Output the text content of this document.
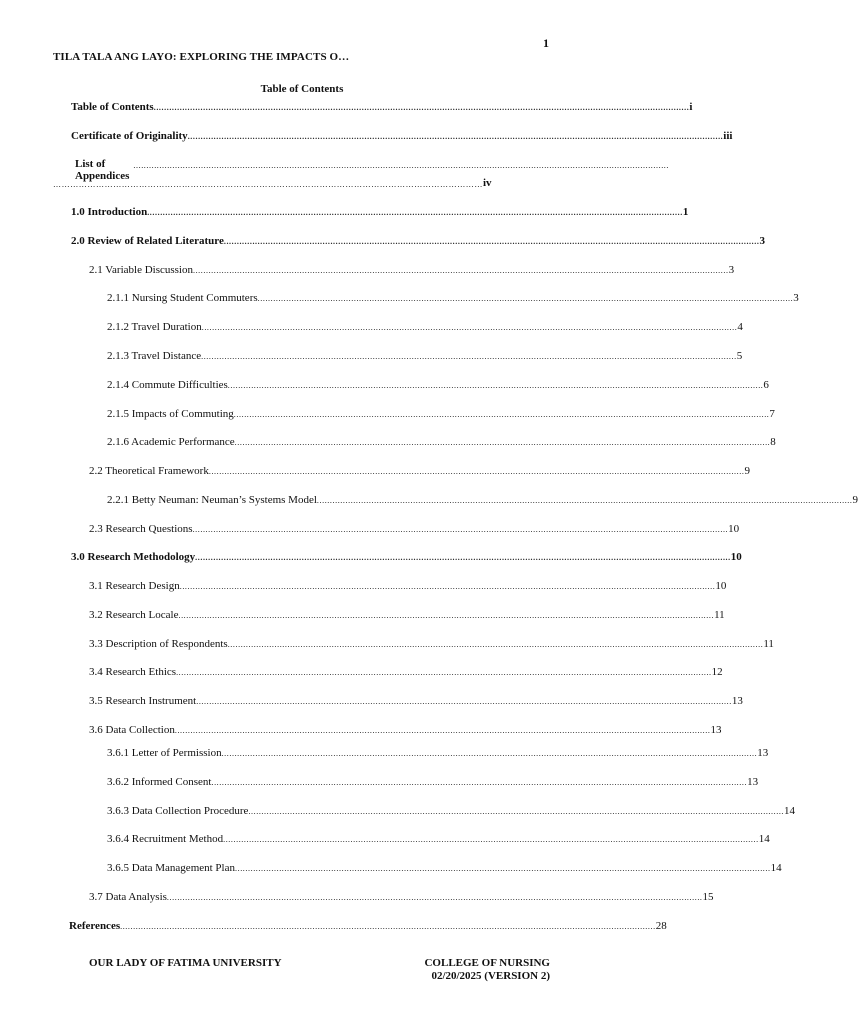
1
TILA TALA ANG LAYO: EXPLORING THE IMPACTS O…
Table of Contents
Table of Contents .............................................................................................................................................................................................................. i
Certificate of Originality .............................................................................................................................................................................................................. iii
List of Appendices
..............................................................................................................................................................................................................
…………………………………………………………………………………………………………………………………… iv
1.0 Introduction .............................................................................................................................................................................................................. 1
2.0 Review of Related Literature .............................................................................................................................................................................................................. 3
2.1 Variable Discussion .............................................................................................................................................................................................................. 3
2.1.1 Nursing Student Commuters .............................................................................................................................................................................................................. 3
2.1.2 Travel Duration .............................................................................................................................................................................................................. 4
2.1.3 Travel Distance .............................................................................................................................................................................................................. 5
2.1.4 Commute Difficulties .............................................................................................................................................................................................................. 6
2.1.5 Impacts of Commuting .............................................................................................................................................................................................................. 7
2.1.6 Academic Performance .............................................................................................................................................................................................................. 8
2.2 Theoretical Framework .............................................................................................................................................................................................................. 9
2.2.1 Betty Neuman: Neuman’s Systems Model .............................................................................................................................................................................................................. 9
2.3 Research Questions .............................................................................................................................................................................................................. 10
3.0 Research Methodology .............................................................................................................................................................................................................. 10
3.1 Research Design .............................................................................................................................................................................................................. 10
3.2 Research Locale .............................................................................................................................................................................................................. 11
3.3 Description of Respondents .............................................................................................................................................................................................................. 11
3.4 Research Ethics .............................................................................................................................................................................................................. 12
3.5 Research Instrument .............................................................................................................................................................................................................. 13
3.6 Data Collection .............................................................................................................................................................................................................. 13
3.6.1 Letter of Permission .............................................................................................................................................................................................................. 13
3.6.2 Informed Consent .............................................................................................................................................................................................................. 13
3.6.3 Data Collection Procedure .............................................................................................................................................................................................................. 14
3.6.4 Recruitment Method .............................................................................................................................................................................................................. 14
3.6.5 Data Management Plan .............................................................................................................................................................................................................. 14
3.7 Data Analysis .............................................................................................................................................................................................................. 15
References .............................................................................................................................................................................................................. 28
OUR LADY OF FATIMA UNIVERSITY	COLLEGE OF NURSING
02/20/2025 (VERSION 2)
